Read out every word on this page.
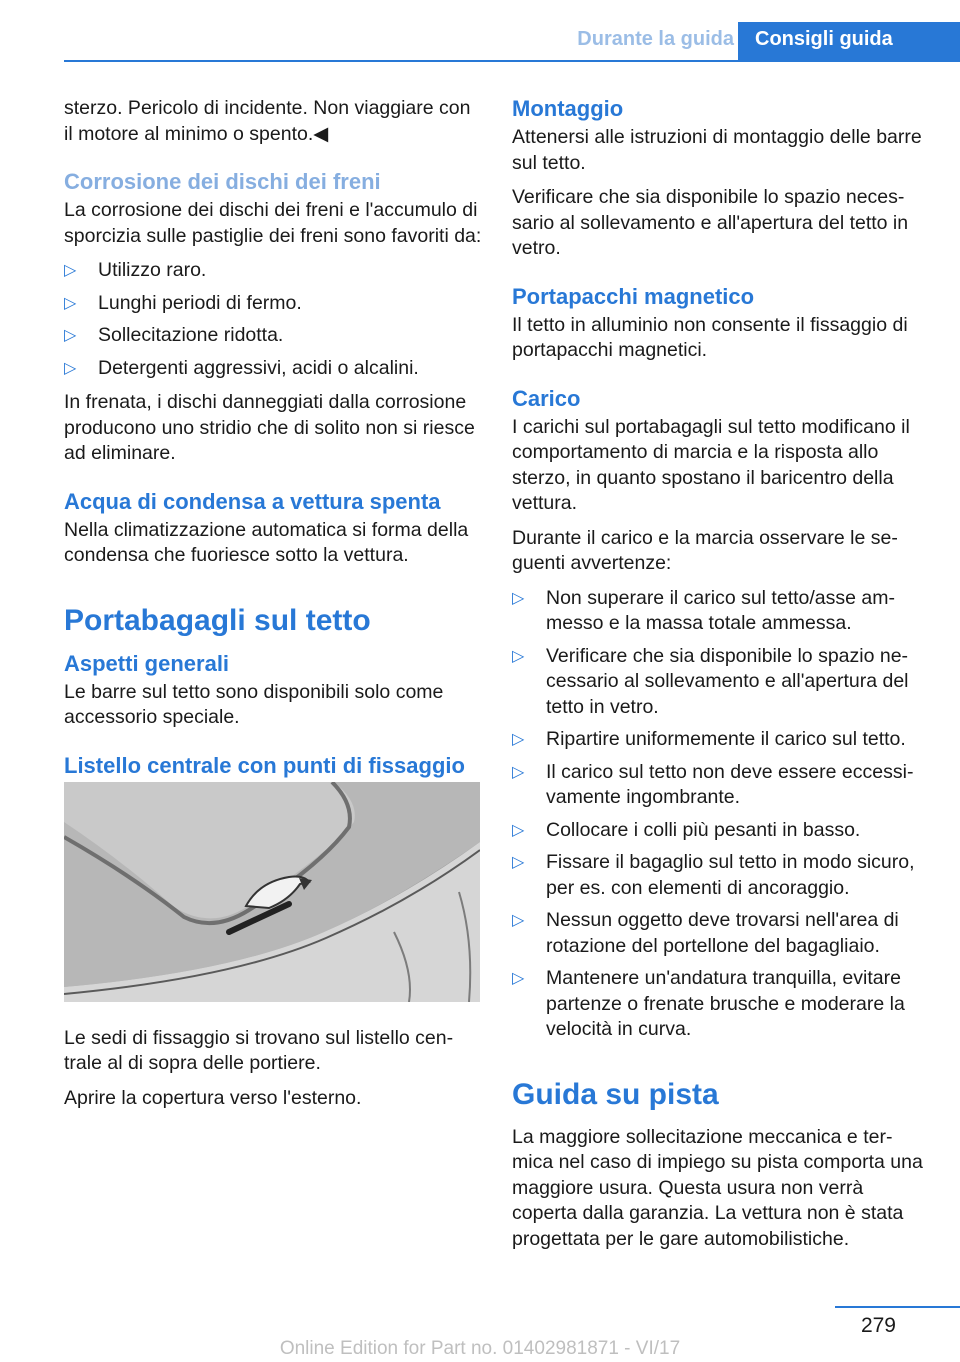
Durante la guida	Consigli guida

sterzo. Pericolo di incidente. Non viaggiare con il motore al minimo o spento.◀

Corrosione dei dischi dei freni

La corrosione dei dischi dei freni e l'accumulo di sporcizia sulle pastiglie dei freni sono favoriti da:

▷ Utilizzo raro.
▷ Lunghi periodi di fermo.
▷ Sollecitazione ridotta.
▷ Detergenti aggressivi, acidi o alcalini.

In frenata, i dischi danneggiati dalla corrosione producono uno stridio che di solito non si riesce ad eliminare.

Acqua di condensa a vettura spenta

Nella climatizzazione automatica si forma della condensa che fuoriesce sotto la vettura.

Portabagagli sul tetto
Aspetti generali

Le barre sul tetto sono disponibili solo come accessorio speciale.

Listello centrale con punti di fissaggio

Le sedi di fissaggio si trovano sul listello centrale al di sopra delle portiere.

Aprire la copertura verso l'esterno.

Montaggio

Attenersi alle istruzioni di montaggio delle barre sul tetto.

Verificare che sia disponibile lo spazio necessario al sollevamento e all'apertura del tetto in vetro.

Portapacchi magnetico

Il tetto in alluminio non consente il fissaggio di portapacchi magnetici.

Carico

I carichi sul portabagagli sul tetto modificano il comportamento di marcia e la risposta allo sterzo, in quanto spostano il baricentro della vettura.

Durante il carico e la marcia osservare le seguenti avvertenze:

▷ Non superare il carico sul tetto/asse ammesso e la massa totale ammessa.
▷ Verificare che sia disponibile lo spazio necessario al sollevamento e all'apertura del tetto in vetro.
▷ Ripartire uniformemente il carico sul tetto.
▷ Il carico sul tetto non deve essere eccessivamente ingombrante.
▷ Collocare i colli più pesanti in basso.
▷ Fissare il bagaglio sul tetto in modo sicuro, per es. con elementi di ancoraggio.
▷ Nessun oggetto deve trovarsi nell'area di rotazione del portellone del bagagliaio.
▷ Mantenere un'andatura tranquilla, evitare partenze o frenate brusche e moderare la velocità in curva.
Guida su pista

La maggiore sollecitazione meccanica e termica nel caso di impiego su pista comporta una maggiore usura. Questa usura non verrà coperta dalla garanzia. La vettura non è stata progettata per le gare automobilistiche.

279
Online Edition for Part no. 01402981871 - VI/17
